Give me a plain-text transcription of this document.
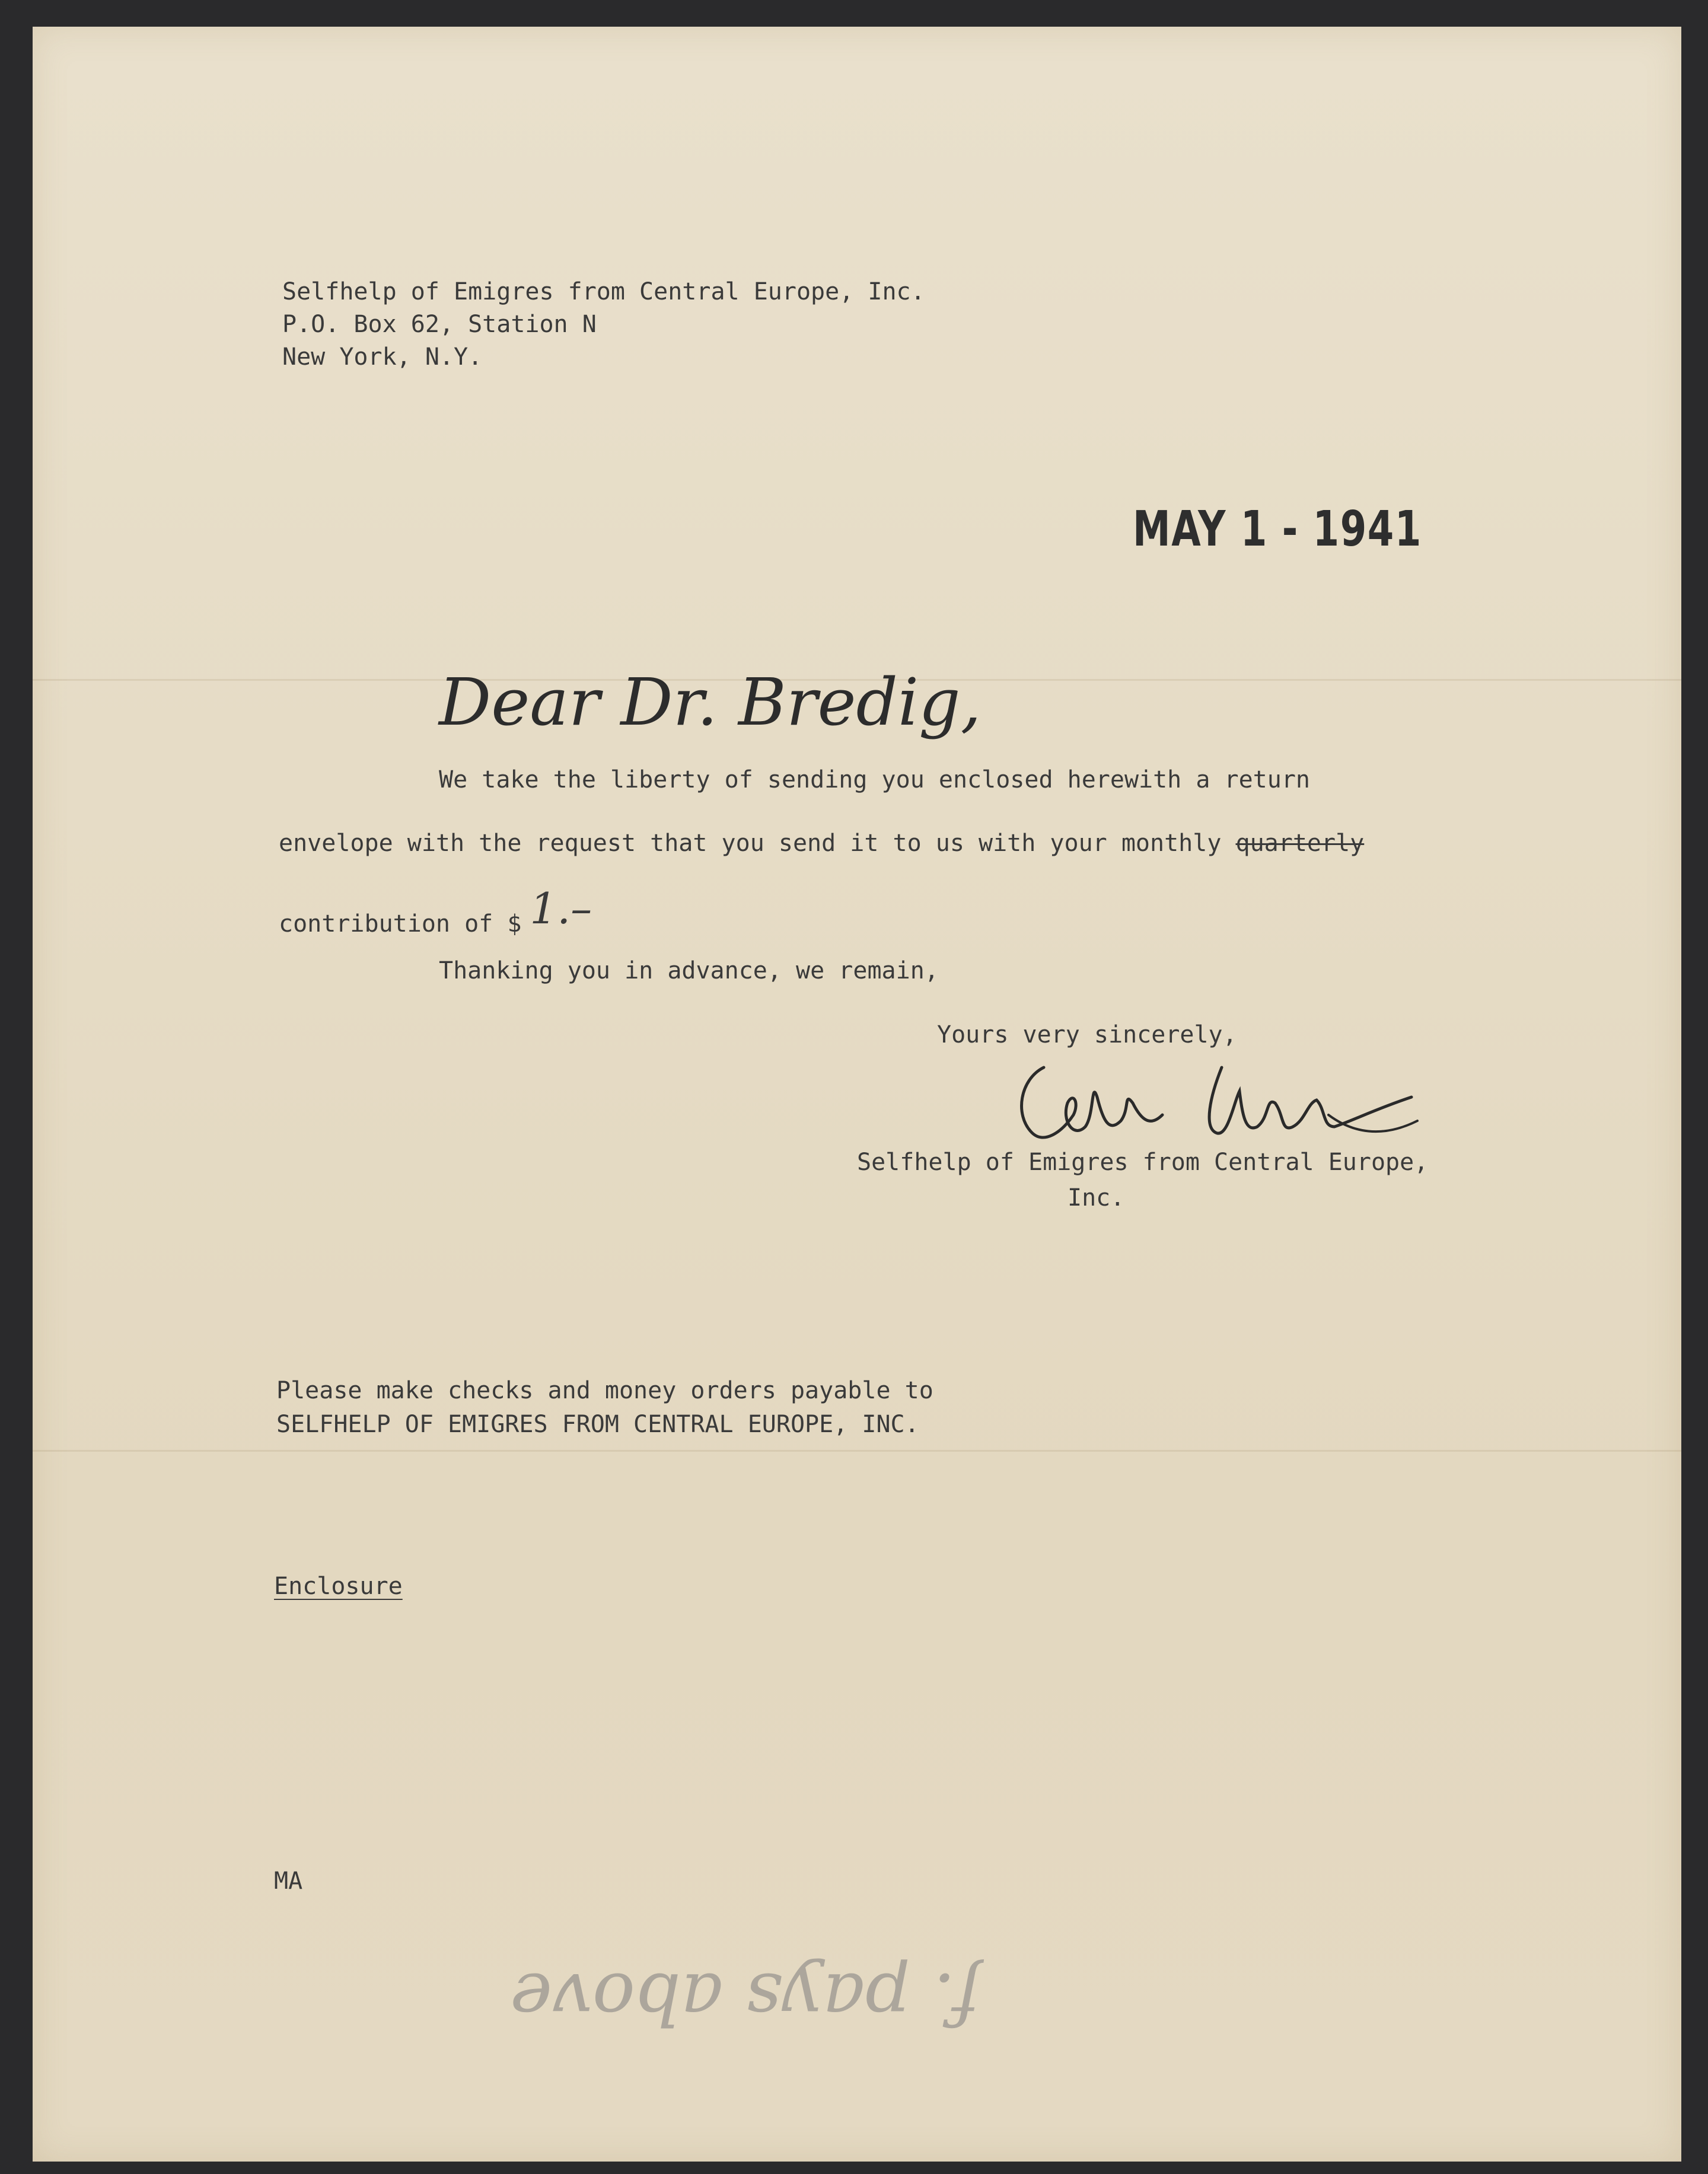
Selfhelp of Emigres from Central Europe, Inc.
P.O. Box 62, Station N
New York, N.Y.
MAY 1 - 1941
Dear Dr. Bredig,
We take the liberty of sending you enclosed herewith a return
envelope with the request that you send it to us with your monthly quarterly
contribution of $ 1.–
Thanking you in advance, we remain,
Yours very sincerely,
Selfhelp of Emigres from Central Europe,
Inc.
Please make checks and money orders payable to
SELFHELP OF EMIGRES FROM CENTRAL EUROPE, INC.
Enclosure
MA
f. pays above
